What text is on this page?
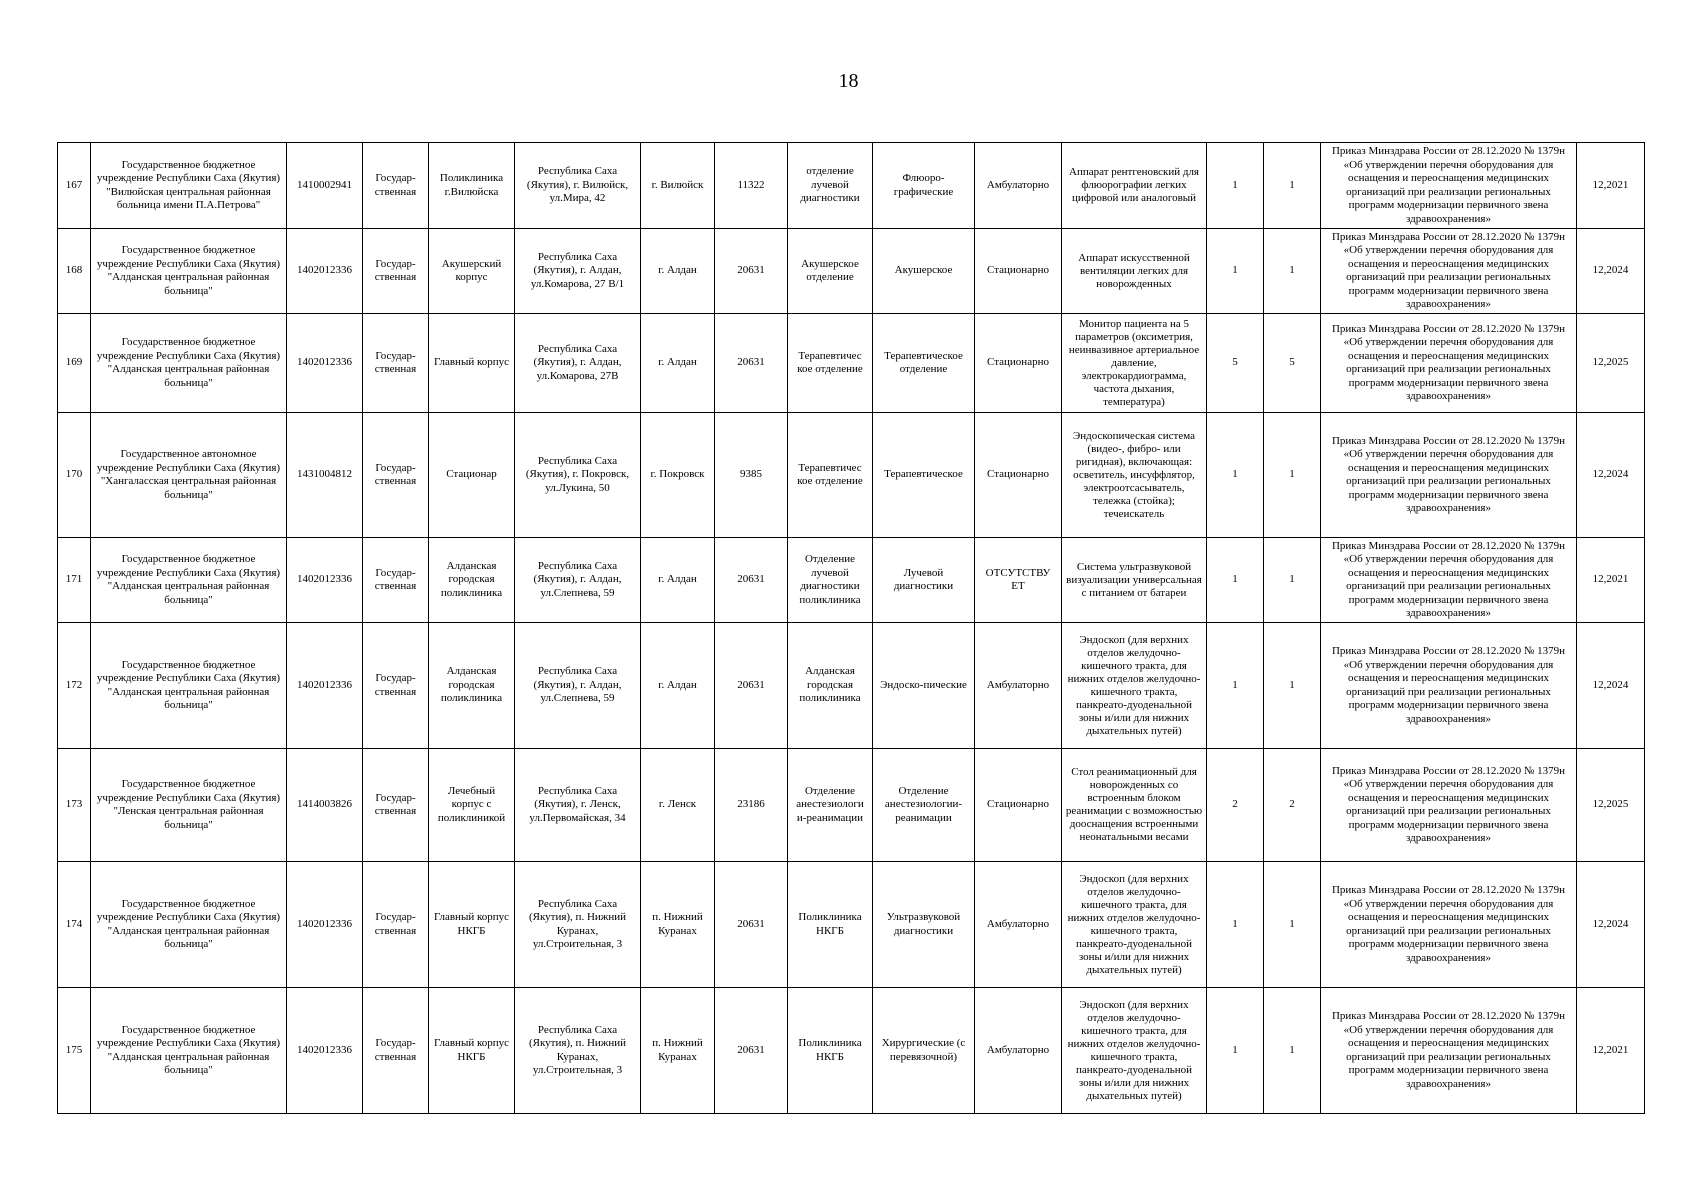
18
167	Государственное бюджетное учреждение Республики Саха (Якутия) "Вилюйская центральная районная больница имени П.А.Петрова"	1410002941	Государ-ственная	Поликлиника г.Вилюйска	Республика Саха (Якутия), г. Вилюйск, ул.Мира, 42	г. Вилюйск	11322	отделение лучевой диагностики	Флюоро-графические	Амбулаторно	Аппарат рентгеновский для флюорографии легких цифровой или аналоговый	1	1	Приказ Минздрава России от 28.12.2020 № 1379н «Об утверждении перечня оборудования для оснащения и переоснащения медицинских организаций при реализации региональных программ модернизации первичного звена здравоохранения»	12,2021
168	Государственное бюджетное учреждение Республики Саха (Якутия) "Алданская центральная районная больница"	1402012336	Государ-ственная	Акушерский корпус	Республика Саха (Якутия), г. Алдан, ул.Комарова, 27 В/1	г. Алдан	20631	Акушерское отделение	Акушерское	Стационарно	Аппарат искусственной вентиляции легких для новорожденных	1	1	Приказ Минздрава России от 28.12.2020 № 1379н «Об утверждении перечня оборудования для оснащения и переоснащения медицинских организаций при реализации региональных программ модернизации первичного звена здравоохранения»	12,2024
169	Государственное бюджетное учреждение Республики Саха (Якутия) "Алданская центральная районная больница"	1402012336	Государ-ственная	Главный корпус	Республика Саха (Якутия), г. Алдан, ул.Комарова, 27В	г. Алдан	20631	Терапевтичес кое отделение	Терапевтическое отделение	Стационарно	Монитор пациента на 5 параметров (оксиметрия, неинвазивное артериальное давление, электрокардиограмма, частота дыхания, температура)	5	5	Приказ Минздрава России от 28.12.2020 № 1379н «Об утверждении перечня оборудования для оснащения и переоснащения медицинских организаций при реализации региональных программ модернизации первичного звена здравоохранения»	12,2025
170	Государственное автономное учреждение Республики Саха (Якутия) "Хангаласская центральная районная больница"	1431004812	Государ-ственная	Стационар	Республика Саха (Якутия), г. Покровск, ул.Лукина, 50	г. Покровск	9385	Терапевтичес кое отделение	Терапевтическое	Стационарно	Эндоскопическая система (видео-, фибро- или ригидная), включающая: осветитель, инсуффлятор, электроотсасыватель, тележка (стойка); течеискатель	1	1	Приказ Минздрава России от 28.12.2020 № 1379н «Об утверждении перечня оборудования для оснащения и переоснащения медицинских организаций при реализации региональных программ модернизации первичного звена здравоохранения»	12,2024
171	Государственное бюджетное учреждение Республики Саха (Якутия) "Алданская центральная районная больница"	1402012336	Государ-ственная	Алданская городская поликлиника	Республика Саха (Якутия), г. Алдан, ул.Слепнева, 59	г. Алдан	20631	Отделение лучевой диагностики поликлиника	Лучевой диагностики	ОТСУТСТВУ ЕТ	Система ультразвуковой визуализации универсальная с питанием от батареи	1	1	Приказ Минздрава России от 28.12.2020 № 1379н «Об утверждении перечня оборудования для оснащения и переоснащения медицинских организаций при реализации региональных программ модернизации первичного звена здравоохранения»	12,2021
172	Государственное бюджетное учреждение Республики Саха (Якутия) "Алданская центральная районная больница"	1402012336	Государ-ственная	Алданская городская поликлиника	Республика Саха (Якутия), г. Алдан, ул.Слепнева, 59	г. Алдан	20631	Алданская городская поликлиника	Эндоско-пические	Амбулаторно	Эндоскоп (для верхних отделов желудочно-кишечного тракта, для нижних отделов желудочно-кишечного тракта, панкреато-дуоденальной зоны и/или для нижних дыхательных путей)	1	1	Приказ Минздрава России от 28.12.2020 № 1379н «Об утверждении перечня оборудования для оснащения и переоснащения медицинских организаций при реализации региональных программ модернизации первичного звена здравоохранения»	12,2024
173	Государственное бюджетное учреждение Республики Саха (Якутия) "Ленская центральная районная больница"	1414003826	Государ-ственная	Лечебный корпус с поликлиникой	Республика Саха (Якутия), г. Ленск, ул.Первомайская, 34	г. Ленск	23186	Отделение анестезиологи и-реанимации	Отделение анестезиологии-реанимации	Стационарно	Стол реанимационный для новорожденных со встроенным блоком реанимации с возможностью дооснащения встроенными неонатальными весами	2	2	Приказ Минздрава России от 28.12.2020 № 1379н «Об утверждении перечня оборудования для оснащения и переоснащения медицинских организаций при реализации региональных программ модернизации первичного звена здравоохранения»	12,2025
174	Государственное бюджетное учреждение Республики Саха (Якутия) "Алданская центральная районная больница"	1402012336	Государ-ственная	Главный корпус НКГБ	Республика Саха (Якутия), п. Нижний Куранах, ул.Строительная, 3	п. Нижний Куранах	20631	Поликлиника НКГБ	Ультразвуковой диагностики	Амбулаторно	Эндоскоп (для верхних отделов желудочно-кишечного тракта, для нижних отделов желудочно-кишечного тракта, панкреато-дуоденальной зоны и/или для нижних дыхательных путей)	1	1	Приказ Минздрава России от 28.12.2020 № 1379н «Об утверждении перечня оборудования для оснащения и переоснащения медицинских организаций при реализации региональных программ модернизации первичного звена здравоохранения»	12,2024
175	Государственное бюджетное учреждение Республики Саха (Якутия) "Алданская центральная районная больница"	1402012336	Государ-ственная	Главный корпус НКГБ	Республика Саха (Якутия), п. Нижний Куранах, ул.Строительная, 3	п. Нижний Куранах	20631	Поликлиника НКГБ	Хирургические (с перевязочной)	Амбулаторно	Эндоскоп (для верхних отделов желудочно-кишечного тракта, для нижних отделов желудочно-кишечного тракта, панкреато-дуоденальной зоны и/или для нижних дыхательных путей)	1	1	Приказ Минздрава России от 28.12.2020 № 1379н «Об утверждении перечня оборудования для оснащения и переоснащения медицинских организаций при реализации региональных программ модернизации первичного звена здравоохранения»	12,2021
